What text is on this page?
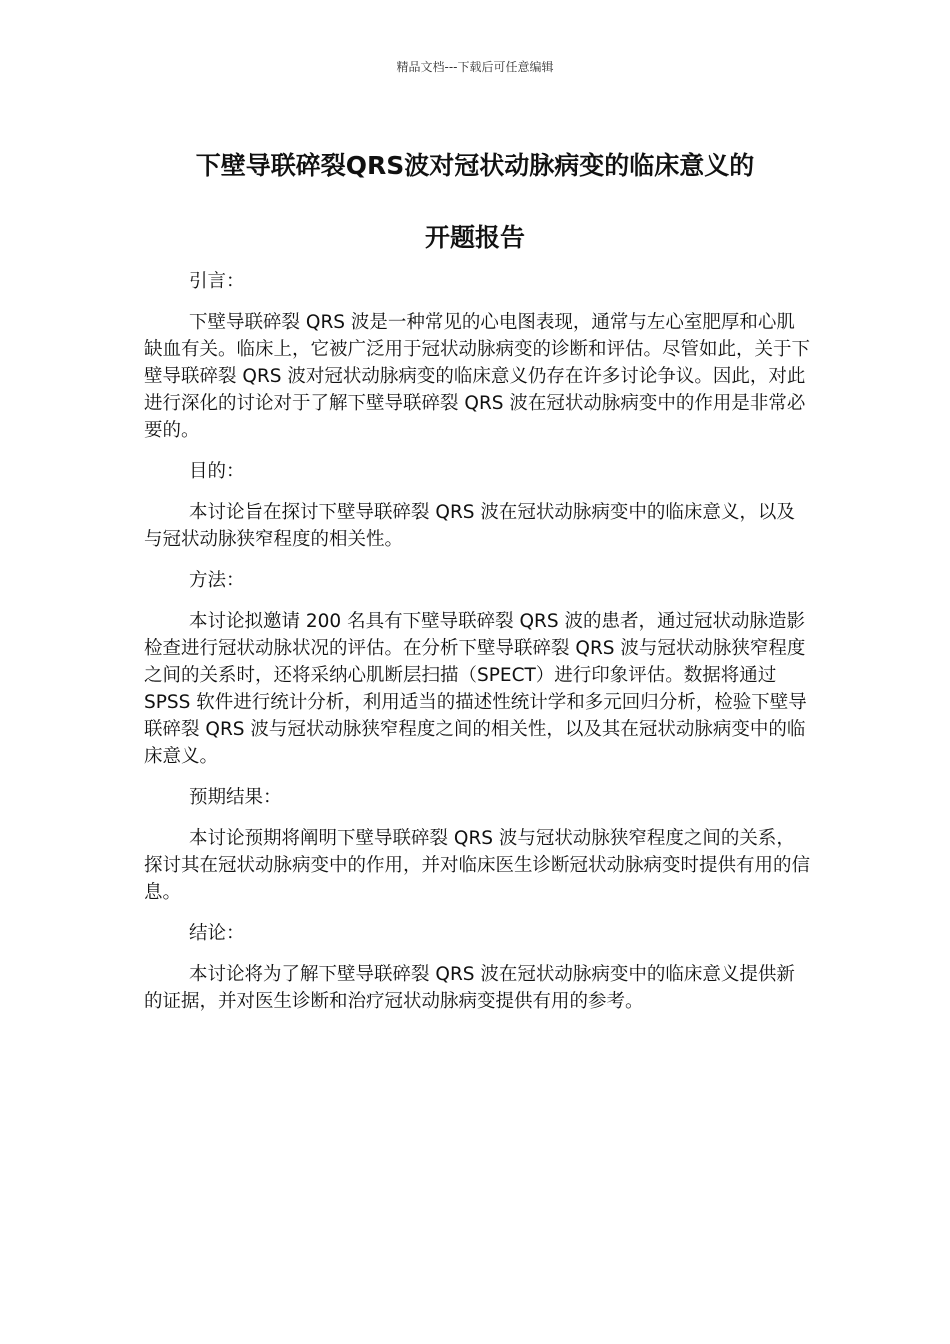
精品文档---下载后可任意编辑
下壁导联碎裂QRS波对冠状动脉病变的临床意义的
开题报告

引言：

下壁导联碎裂 QRS 波是一种常见的心电图表现，通常与左心室肥厚和心肌缺血有关。临床上，它被广泛用于冠状动脉病变的诊断和评估。尽管如此，关于下壁导联碎裂 QRS 波对冠状动脉病变的临床意义仍存在许多讨论争议。因此，对此进行深化的讨论对于了解下壁导联碎裂 QRS 波在冠状动脉病变中的作用是非常必要的。

目的：

本讨论旨在探讨下壁导联碎裂 QRS 波在冠状动脉病变中的临床意义，以及与冠状动脉狭窄程度的相关性。

方法：

本讨论拟邀请 200 名具有下壁导联碎裂 QRS 波的患者，通过冠状动脉造影检查进行冠状动脉状况的评估。在分析下壁导联碎裂 QRS 波与冠状动脉狭窄程度之间的关系时，还将采纳心肌断层扫描（SPECT）进行印象评估。数据将通过 SPSS 软件进行统计分析，利用适当的描述性统计学和多元回归分析，检验下壁导联碎裂 QRS 波与冠状动脉狭窄程度之间的相关性，以及其在冠状动脉病变中的临床意义。

预期结果：

本讨论预期将阐明下壁导联碎裂 QRS 波与冠状动脉狭窄程度之间的关系，探讨其在冠状动脉病变中的作用，并对临床医生诊断冠状动脉病变时提供有用的信息。

结论：

本讨论将为了解下壁导联碎裂 QRS 波在冠状动脉病变中的临床意义提供新的证据，并对医生诊断和治疗冠状动脉病变提供有用的参考。
